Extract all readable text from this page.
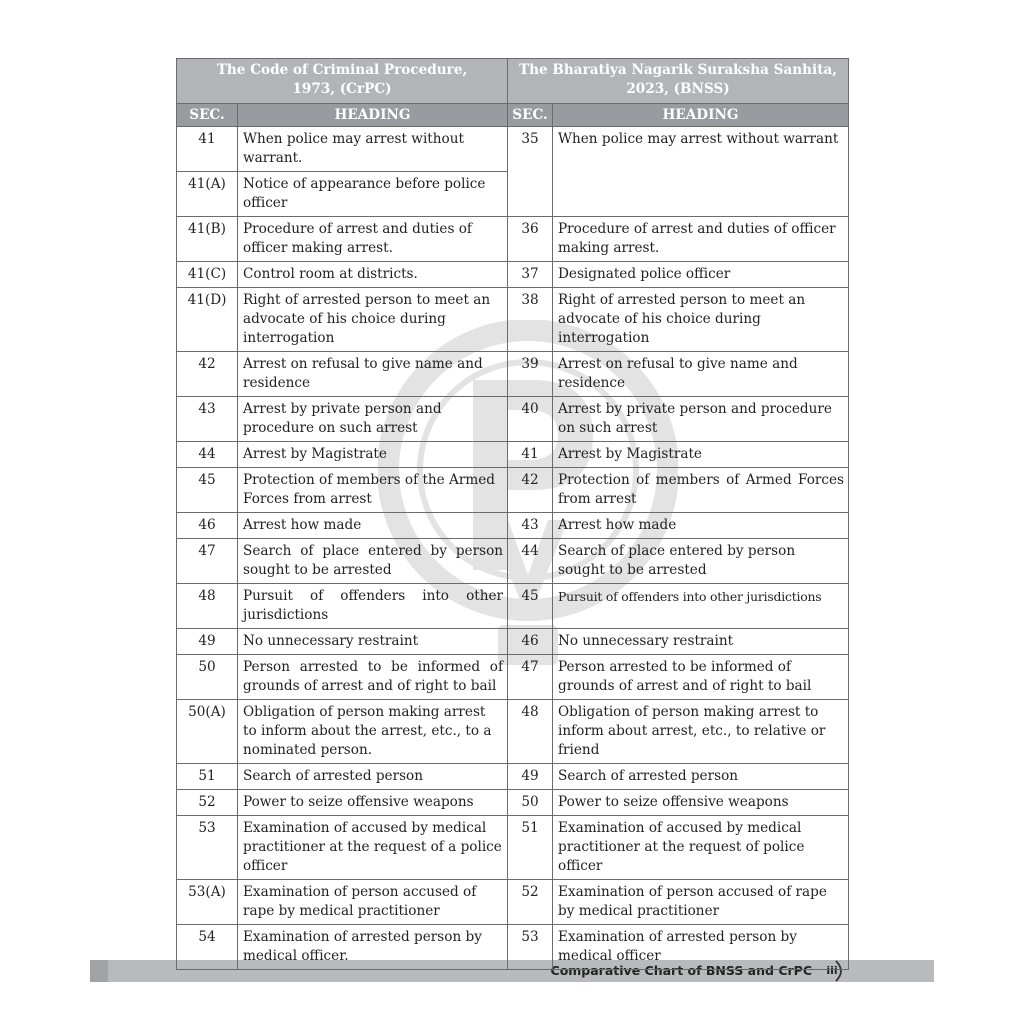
The Code of Criminal Procedure,
1973, (CrPC)		The Bharatiya Nagarik Suraksha Sanhita,
2023, (BNSS)	
SEC.	HEADING	SEC.	HEADING
41	When police may arrest without warrant.	35	When police may arrest without warrant
41(A)	Notice of appearance before police officer		
41(B)	Procedure of arrest and duties of officer making arrest.	36	Procedure of arrest and duties of officer making arrest.
41(C)	Control room at districts.	37	Designated police officer
41(D)	Right of arrested person to meet an advocate of his choice during interrogation	38	Right of arrested person to meet an advocate of his choice during interrogation
42	Arrest on refusal to give name and residence	39	Arrest on refusal to give name and residence
43	Arrest by private person and procedure on such arrest	40	Arrest by private person and procedure on such arrest
44	Arrest by Magistrate	41	Arrest by Magistrate
45	Protection of members of the Armed Forces from arrest	42	Protection of members of Armed Forces from arrest
46	Arrest how made	43	Arrest how made
47	Search of place entered by person sought to be arrested	44	Search of place entered by person sought to be arrested
48	Pursuit of offenders into other jurisdictions	45	Pursuit of offenders into other jurisdictions
49	No unnecessary restraint	46	No unnecessary restraint
50	Person arrested to be informed of grounds of arrest and of right to bail	47	Person arrested to be informed of grounds of arrest and of right to bail
50(A)	Obligation of person making arrest to inform about the arrest, etc., to a nominated person.	48	Obligation of person making arrest to inform about arrest, etc., to relative or friend
51	Search of arrested person	49	Search of arrested person
52	Power to seize offensive weapons	50	Power to seize offensive weapons
53	Examination of accused by medical practitioner at the request of a police officer	51	Examination of accused by medical practitioner at the request of police officer
53(A)	Examination of person accused of rape by medical practitioner	52	Examination of person accused of rape by medical practitioner
54	Examination of arrested person by medical officer.	53	Examination of arrested person by medical officer
Comparative Chart of BNSS and CrPC	iii
